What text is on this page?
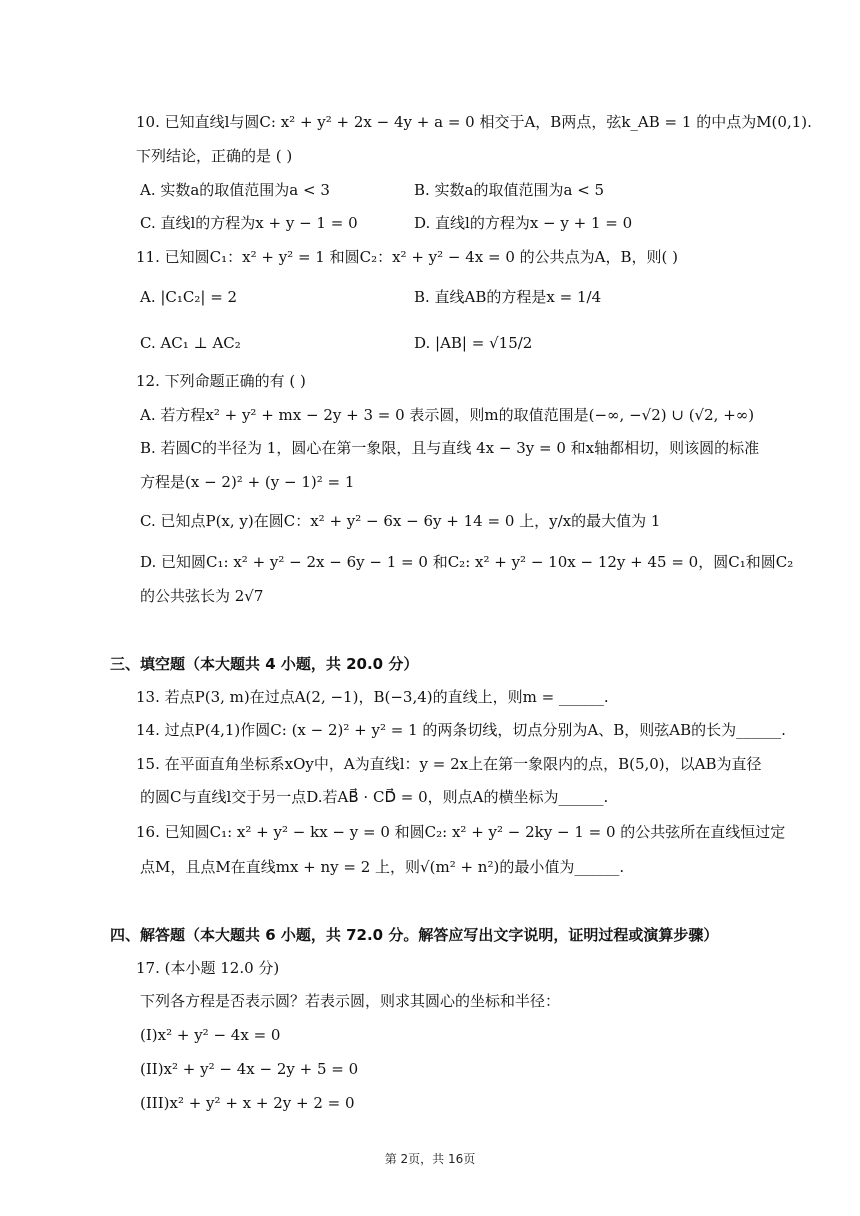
10. 已知直线l与圆C: x² + y² + 2x − 4y + a = 0 相交于A，B两点，弦k_AB = 1 的中点为M(0,1).
下列结论，正确的是 ( )
A. 实数a的取值范围为a < 3	B. 实数a的取值范围为a < 5
C. 直线l的方程为x + y − 1 = 0	D. 直线l的方程为x − y + 1 = 0
11. 已知圆C₁：x² + y² = 1 和圆C₂：x² + y² − 4x = 0 的公共点为A，B，则( )
A. |C₁C₂| = 2	B. 直线AB的方程是x = 1/4
C. AC₁ ⊥ AC₂	D. |AB| = √15/2
12. 下列命题正确的有 ( )
A. 若方程x² + y² + mx − 2y + 3 = 0 表示圆，则m的取值范围是(−∞, −√2) ∪ (√2, +∞)
B. 若圆C的半径为 1，圆心在第一象限，且与直线 4x − 3y = 0 和x轴都相切，则该圆的标准
方程是(x − 2)² + (y − 1)² = 1
C. 已知点P(x, y)在圆C：x² + y² − 6x − 6y + 14 = 0 上，y/x的最大值为 1
D. 已知圆C₁: x² + y² − 2x − 6y − 1 = 0 和C₂: x² + y² − 10x − 12y + 45 = 0，圆C₁和圆C₂
的公共弦长为 2√7
三、填空题（本大题共 4 小题，共 20.0 分）
13. 若点P(3, m)在过点A(2, −1)，B(−3,4)的直线上，则m = ______.
14. 过点P(4,1)作圆C: (x − 2)² + y² = 1 的两条切线，切点分别为A、B，则弦AB的长为______.
15. 在平面直角坐标系xOy中，A为直线l：y = 2x上在第一象限内的点，B(5,0)，以AB为直径
的圆C与直线l交于另一点D.若AB⃗ · CD⃗ = 0，则点A的横坐标为______.
16. 已知圆C₁: x² + y² − kx − y = 0 和圆C₂: x² + y² − 2ky − 1 = 0 的公共弦所在直线恒过定
点M，且点M在直线mx + ny = 2 上，则√(m² + n²)的最小值为______.
四、解答题（本大题共 6 小题，共 72.0 分。解答应写出文字说明，证明过程或演算步骤）
17. (本小题 12.0 分)
下列各方程是否表示圆？若表示圆，则求其圆心的坐标和半径：
(I)x² + y² − 4x = 0
(II)x² + y² − 4x − 2y + 5 = 0
(III)x² + y² + x + 2y + 2 = 0
第 2页，共 16页
